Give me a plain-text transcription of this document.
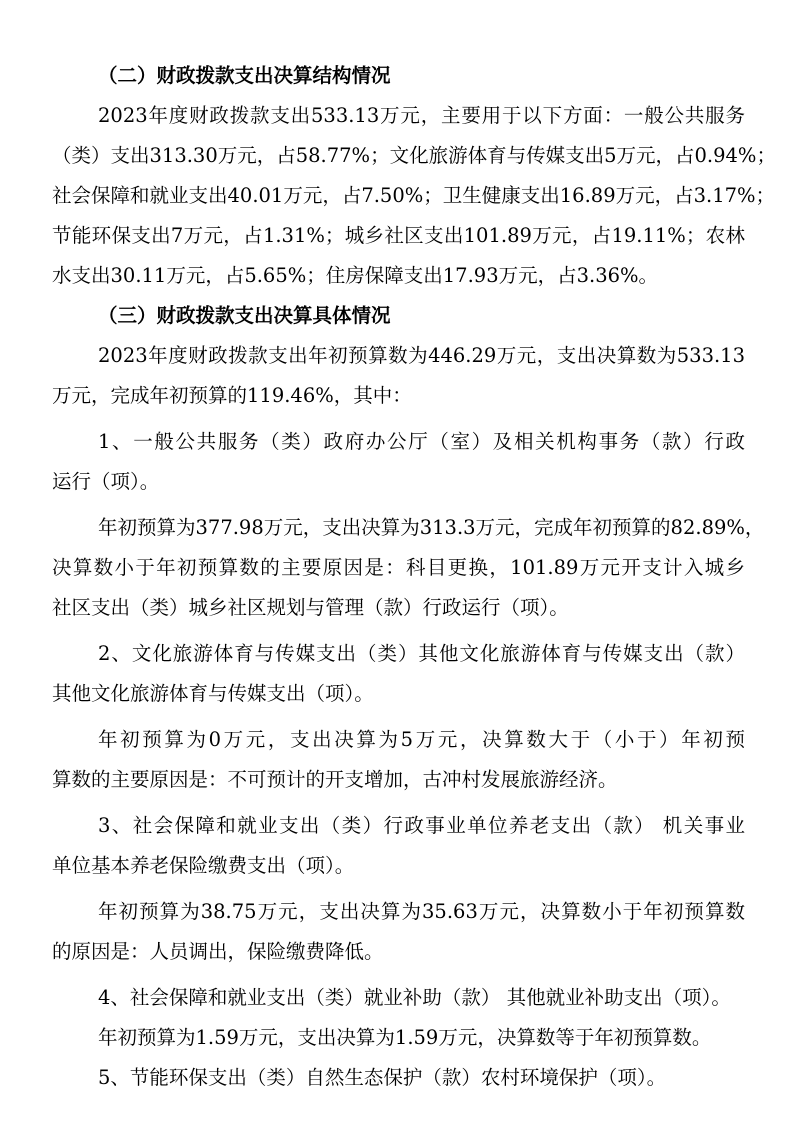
（二）财政拨款支出决算结构情况
2023年度财政拨款支出533.13万元，主要用于以下方面：一般公共服务
（类）支出313.30万元，占58.77%；文化旅游体育与传媒支出5万元，占0.94%；
社会保障和就业支出40.01万元，占7.50%；卫生健康支出16.89万元，占3.17%；
节能环保支出7万元，占1.31%；城乡社区支出101.89万元，占19.11%；农林
水支出30.11万元，占5.65%；住房保障支出17.93万元，占3.36%。
（三）财政拨款支出决算具体情况
2023年度财政拨款支出年初预算数为446.29万元，支出决算数为533.13
万元，完成年初预算的119.46%，其中：
1、一般公共服务（类）政府办公厅（室）及相关机构事务（款）行政
运行（项）。
年初预算为377.98万元，支出决算为313.3万元，完成年初预算的82.89%，
决算数小于年初预算数的主要原因是：科目更换，101.89万元开支计入城乡
社区支出（类）城乡社区规划与管理（款）行政运行（项）。
2、文化旅游体育与传媒支出（类）其他文化旅游体育与传媒支出（款）
其他文化旅游体育与传媒支出（项）。
年初预算为0万元，支出决算为5万元，决算数大于（小于）年初预
算数的主要原因是：不可预计的开支增加，古冲村发展旅游经济。
3、社会保障和就业支出（类）行政事业单位养老支出（款） 机关事业
单位基本养老保险缴费支出（项）。
年初预算为38.75万元，支出决算为35.63万元，决算数小于年初预算数
的原因是：人员调出，保险缴费降低。
4、社会保障和就业支出（类）就业补助（款） 其他就业补助支出（项）。
年初预算为1.59万元，支出决算为1.59万元，决算数等于年初预算数。
5、节能环保支出（类）自然生态保护（款）农村环境保护（项）。
